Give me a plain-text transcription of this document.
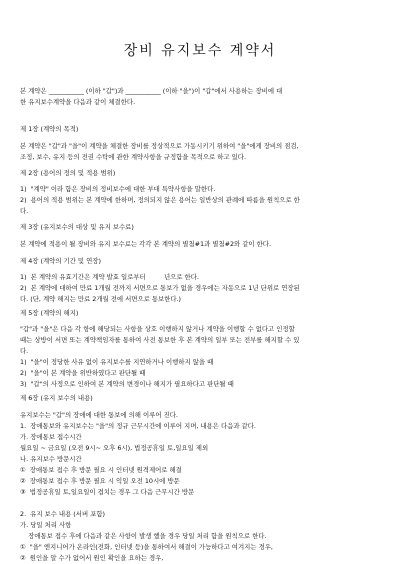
장비 유지보수 계약서
본 계약은 ___________ (이하 "갑")과 ___________ (이하 "을")이 "갑"에서 사용하는 장비에 대
한 유지보수계약을 다음과 같이 체결한다.
제 1장 (계약의 목적)
본 계약은 "갑"과 "을"이 계약을 체결한 장비를 정상적으로 가동시키기 위하여 "을"에게 장비의 점검,
조정, 보수, 유지 등의 전권 수탁에 관한 계약사항을 규정함을 목적으로 하고 있다.
제 2장 (용어의 정의 및 적용 범위)
1)  "계약" 이라 함은 장비의 정비보수에 대한 부대 특약사항을 말한다.
2)  용어의 적용 범위는 본 계약에 한하며, 정의되지 않은 용어는 일반상의 관례에 따름을 원칙으로 한
다.
제 3장 (유지보수의 대상 및 유지 보수료)
본 계약에 적용이 될 장비와 유지 보수료는 각각 본 계약의 별첨#1과 별첨#2와 같이 한다.
제 4장 (계약의 기간 및 연장)
1)  본 계약의 유효기간은 계약 발효 일로부터         년으로 한다.
2)  본 계약에 대하여 만료 1개월 전까지 서면으로 통보가 없을 경우에는 자동으로 1년 단위로 연장된
다. (단, 계약 해지는 만료 2개월 전에 서면으로 통보한다.)
제 5장 (계약의 해지)
"갑"과 "을"은 다음 각 항에 해당되는 사항을 상호 이행하지 않거나 계약을 이행할 수 없다고 인정할
때는 상방이 서면 또는 계약책임자를 통하여 사전 통보한 후 본 계약의 일부 또는 전부를 해지할 수 있
다.
1)  "을"이 정당한 사유 없이 유지보수를 지연하거나 이행하지 않을 때
2)  "을"이 본 계약을 위반하였다고 판단될 때
3)  "갑"의 사정으로 인하여 본 계약의 변경이나 해지가 필요하다고 판단될 때
제 6장 (유지 보수의 내용)
유지보수는 "갑"의 장애에 대한 통보에 의해 이루어 진다.
1.  장애통보와 유지보수는 "을"의 정규 근무시간에 이루어 지며, 내용은 다음과 같다.
가. 장애통보 접수시간
월요일 ~ 금요일 (오전 9시~ 오후 6시), 법정공휴일 토,일요일 제외
나. 유지보수 방문시간
①  장애통보 접수 후 방문 필요 시 인터넷 원격제어로 해결
②  장애통보 접수 후 방문 필요 시 익일 오전 10시에 방문
③  법정공휴일 토,일요일이 겹치는 경우 그 다음 근무시간 방문

2.  유지 보수 내용 (서버 포함)
가. 당일 처리 사항
장애통보 접수 후에 다음과 같은 사항이 발생 했을 경우 당일 처리 함을 원칙으로 한다.
①  "을" 엔지니어가 온라인(전화, 인터넷 등)을 통하여서 해결이 가능하다고 여겨지는 경우,
②  원인을 알 수가 없어서 원인 확인을 요하는 경우,
